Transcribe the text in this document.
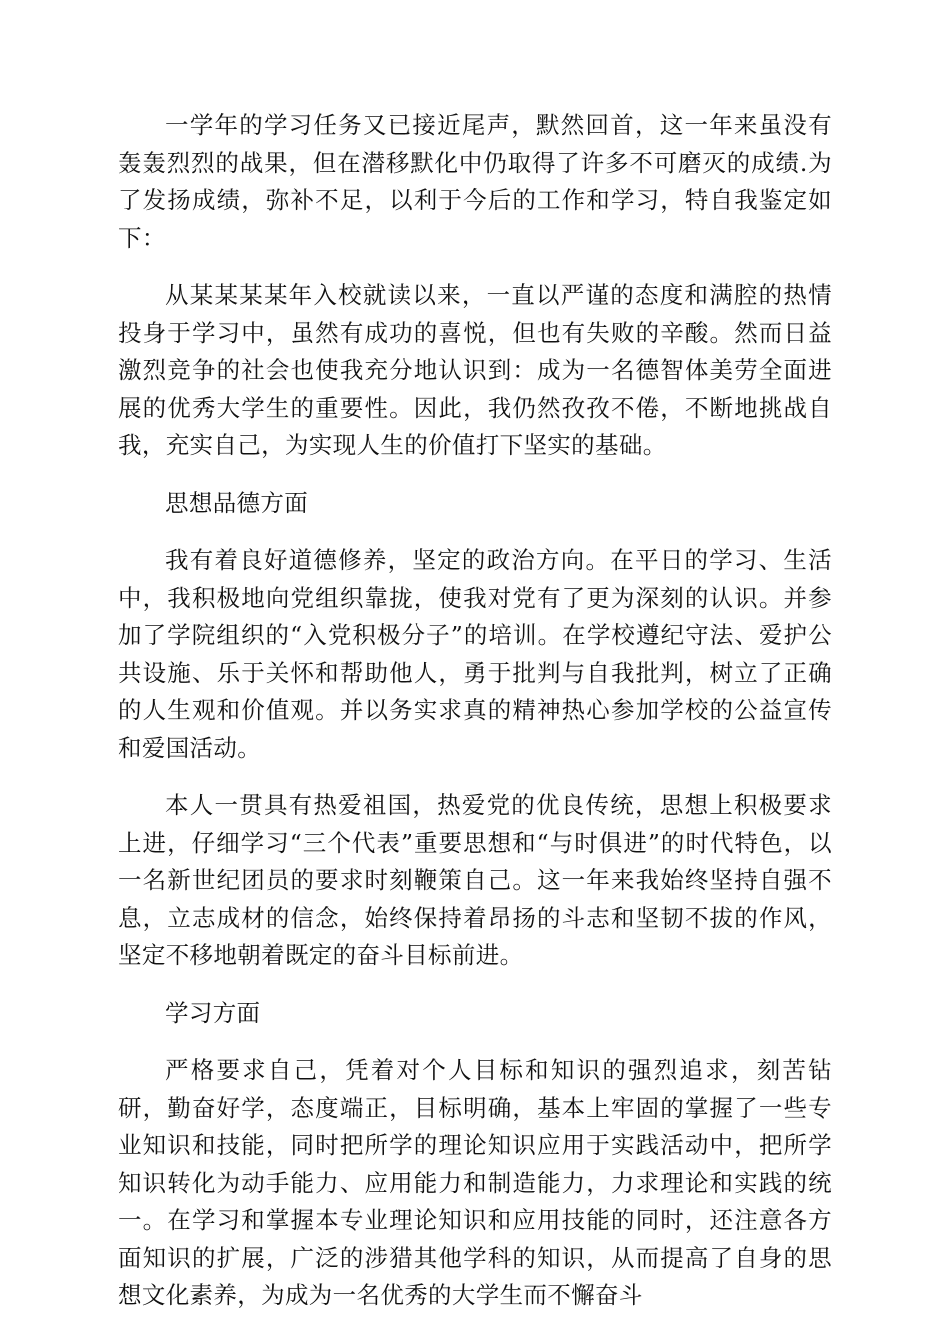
一学年的学习任务又已接近尾声，默然回首，这一年来虽没有轰轰烈烈的战果，但在潜移默化中仍取得了许多不可磨灭的成绩.为了发扬成绩，弥补不足，以利于今后的工作和学习，特自我鉴定如下：

从某某某某年入校就读以来，一直以严谨的态度和满腔的热情投身于学习中，虽然有成功的喜悦，但也有失败的辛酸。然而日益激烈竞争的社会也使我充分地认识到：成为一名德智体美劳全面进展的优秀大学生的重要性。因此，我仍然孜孜不倦，不断地挑战自我，充实自己，为实现人生的价值打下坚实的基础。

思想品德方面

我有着良好道德修养，坚定的政治方向。在平日的学习、生活中，我积极地向党组织靠拢，使我对党有了更为深刻的认识。并参加了学院组织的“入党积极分子”的培训。在学校遵纪守法、爱护公共设施、乐于关怀和帮助他人，勇于批判与自我批判，树立了正确的人生观和价值观。并以务实求真的精神热心参加学校的公益宣传和爱国活动。

本人一贯具有热爱祖国，热爱党的优良传统，思想上积极要求上进，仔细学习“三个代表”重要思想和“与时俱进”的时代特色，以一名新世纪团员的要求时刻鞭策自己。这一年来我始终坚持自强不息，立志成材的信念，始终保持着昂扬的斗志和坚韧不拔的作风，坚定不移地朝着既定的奋斗目标前进。

学习方面

严格要求自己，凭着对个人目标和知识的强烈追求，刻苦钻研，勤奋好学，态度端正，目标明确，基本上牢固的掌握了一些专业知识和技能，同时把所学的理论知识应用于实践活动中，把所学知识转化为动手能力、应用能力和制造能力，力求理论和实践的统一。在学习和掌握本专业理论知识和应用技能的同时，还注意各方面知识的扩展，广泛的涉猎其他学科的知识，从而提高了自身的思想文化素养，为成为一名优秀的大学生而不懈奋斗
